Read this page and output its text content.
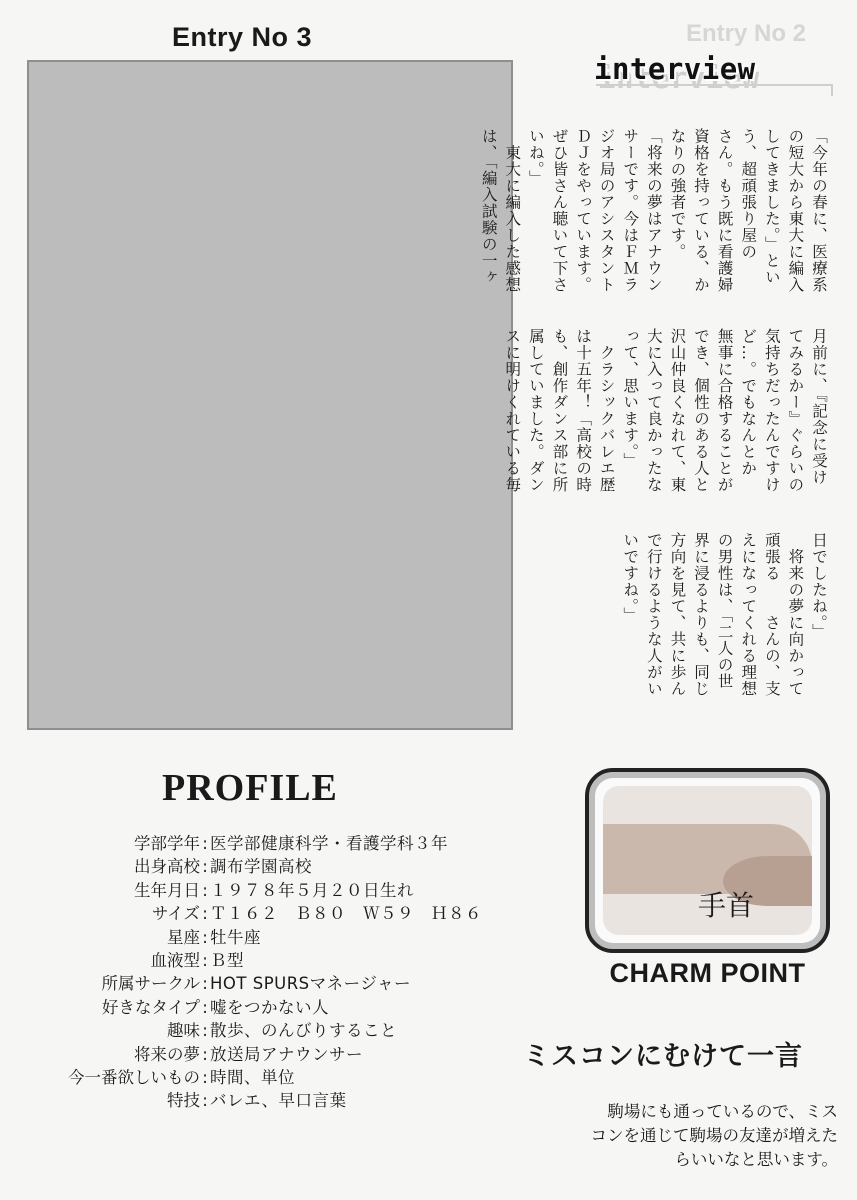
Entry No 3	Entry No 2
interview
「今年の春に、医療系
の短大から東大に編入
してきました。」とい
う、超頑張り屋の
さん。もう既に看護婦
資格を持っている、か
なりの強者です。
「将来の夢はアナウン
サーです。今はＦＭラ
ジオ局のアシスタント
ＤＪをやっています。
ぜひ皆さん聴いて下さ
いね。」
　東大に編入した感想
は、「編入試験の一ヶ
月前に、『記念に受け
てみるかー』ぐらいの
気持ちだったんですけ
ど…。でもなんとか
無事に合格することが
でき、個性のある人と
沢山仲良くなれて、東
大に入って良かったな
って、思います。」
　クラシックバレエ歴
は十五年！「高校の時
も、創作ダンス部に所
属していました。ダン
スに明けくれている毎
日でしたね。」
　将来の夢に向かって
頑張る　　さんの、支
えになってくれる理想
の男性は、「二人の世
界に浸るよりも、同じ
方向を見て、共に歩ん
で行けるような人がい
いですね。」
PROFILE
学部学年 : 医学部健康科学・看護学科３年
出身高校 : 調布学園高校
生年月日 : １９７８年５月２０日生れ
サイズ : Ｔ１６２　Ｂ８０　Ｗ５９　Ｈ８６
星座 : 牡牛座
血液型 : Ｂ型
所属サークル : HOT SPURSマネージャー
好きなタイプ : 嘘をつかない人
趣味 : 散歩、のんびりすること
将来の夢 : 放送局アナウンサー
今一番欲しいもの : 時間、単位
特技 : バレエ、早口言葉
手首
CHARM POINT
ミスコンにむけて一言
駒場にも通っているので、ミス
コンを通じて駒場の友達が増えた
らいいなと思います。
